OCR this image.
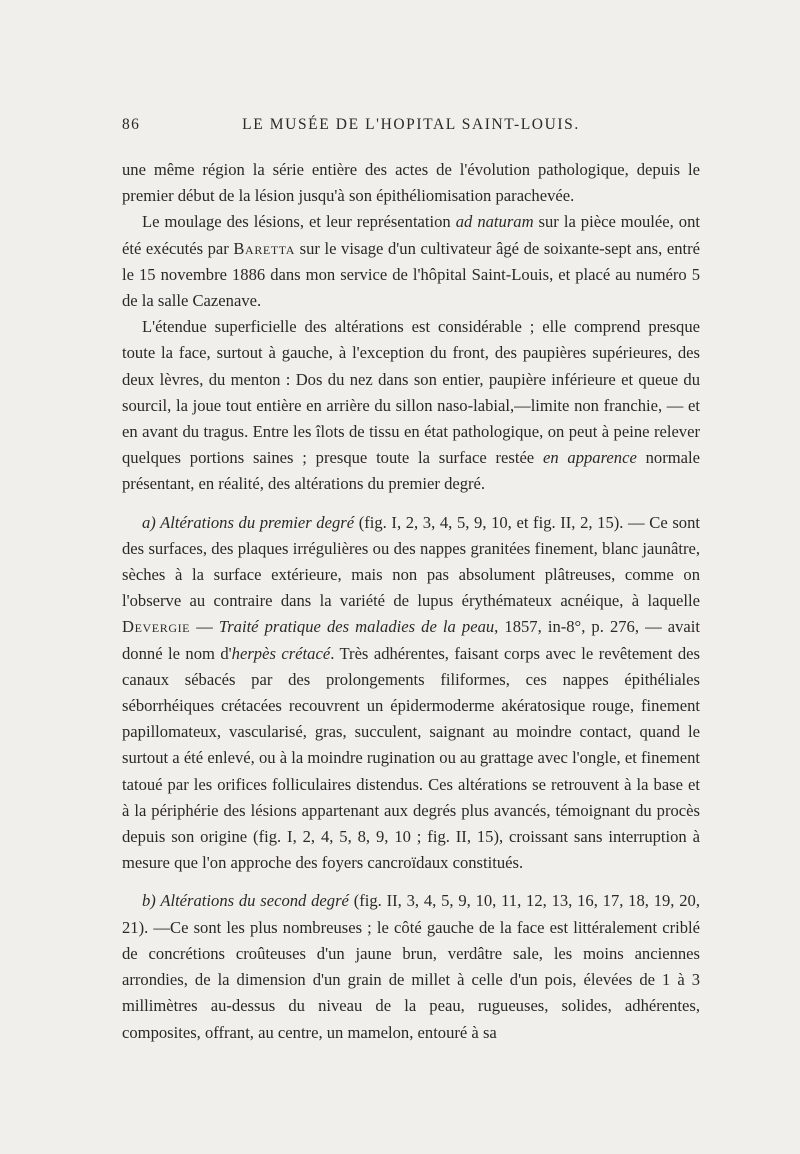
86	LE MUSÉE DE L'HOPITAL SAINT-LOUIS.

une même région la série entière des actes de l'évolution pathologique, depuis le premier début de la lésion jusqu'à son épithéliomisation parachevée.

Le moulage des lésions, et leur représentation ad naturam sur la pièce moulée, ont été exécutés par Baretta sur le visage d'un cultivateur âgé de soixante-sept ans, entré le 15 novembre 1886 dans mon service de l'hôpital Saint-Louis, et placé au numéro 5 de la salle Cazenave.

L'étendue superficielle des altérations est considérable ; elle comprend presque toute la face, surtout à gauche, à l'exception du front, des paupières supérieures, des deux lèvres, du menton : Dos du nez dans son entier, paupière inférieure et queue du sourcil, la joue tout entière en arrière du sillon naso-labial,—limite non franchie, — et en avant du tragus. Entre les îlots de tissu en état pathologique, on peut à peine relever quelques portions saines ; presque toute la surface restée en apparence normale présentant, en réalité, des altérations du premier degré.

a) Altérations du premier degré (fig. I, 2, 3, 4, 5, 9, 10, et fig. II, 2, 15). — Ce sont des surfaces, des plaques irrégulières ou des nappes granitées finement, blanc jaunâtre, sèches à la surface extérieure, mais non pas absolument plâtreuses, comme on l'observe au contraire dans la variété de lupus érythémateux acnéique, à laquelle Devergie — Traité pratique des maladies de la peau, 1857, in-8°, p. 276, — avait donné le nom d'herpès crétacé. Très adhérentes, faisant corps avec le revêtement des canaux sébacés par des prolongements filiformes, ces nappes épithéliales séborrhéiques crétacées recouvrent un épidermoderme akératosique rouge, finement papillomateux, vascularisé, gras, succulent, saignant au moindre contact, quand le surtout a été enlevé, ou à la moindre rugination ou au grattage avec l'ongle, et finement tatoué par les orifices folliculaires distendus. Ces altérations se retrouvent à la base et à la périphérie des lésions appartenant aux degrés plus avancés, témoignant du procès depuis son origine (fig. I, 2, 4, 5, 8, 9, 10 ; fig. II, 15), croissant sans interruption à mesure que l'on approche des foyers cancroïdaux constitués.

b) Altérations du second degré (fig. II, 3, 4, 5, 9, 10, 11, 12, 13, 16, 17, 18, 19, 20, 21). —Ce sont les plus nombreuses ; le côté gauche de la face est littéralement criblé de concrétions croûteuses d'un jaune brun, verdâtre sale, les moins anciennes arrondies, de la dimension d'un grain de millet à celle d'un pois, élevées de 1 à 3 millimètres au-dessus du niveau de la peau, rugueuses, solides, adhérentes, composites, offrant, au centre, un mamelon, entouré à sa
